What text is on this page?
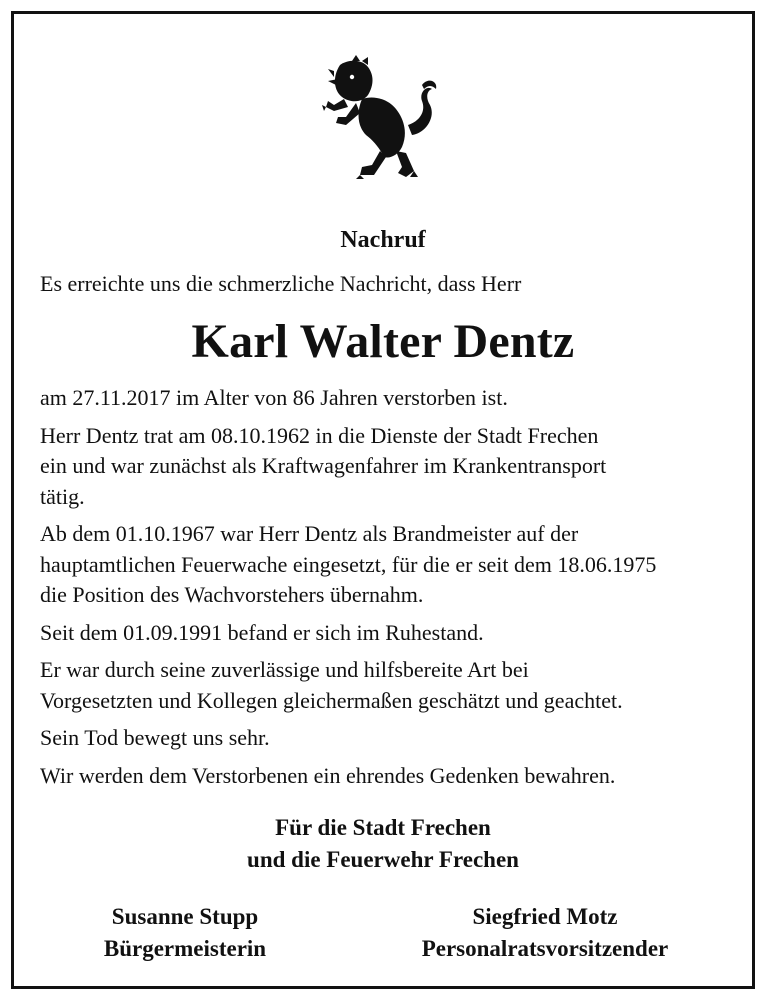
Nachruf
Es erreichte uns die schmerzliche Nachricht, dass Herr
Karl Walter Dentz

am 27.11.2017 im Alter von 86 Jahren verstorben ist.

Herr Dentz trat am 08.10.1962 in die Dienste der Stadt Frechen
ein und war zunächst als Kraftwagenfahrer im Krankentransport
tätig.

Ab dem 01.10.1967 war Herr Dentz als Brandmeister auf der
hauptamtlichen Feuerwache eingesetzt, für die er seit dem 18.06.1975
die Position des Wachvorstehers übernahm.

Seit dem 01.09.1991 befand er sich im Ruhestand.

Er war durch seine zuverlässige und hilfsbereite Art bei
Vorgesetzten und Kollegen gleichermaßen geschätzt und geachtet.

Sein Tod bewegt uns sehr.

Wir werden dem Verstorbenen ein ehrendes Gedenken bewahren.

Für die Stadt Frechen
und die Feuerwehr Frechen
Susanne Stupp
Bürgermeisterin
Siegfried Motz
Personalratsvorsitzender
